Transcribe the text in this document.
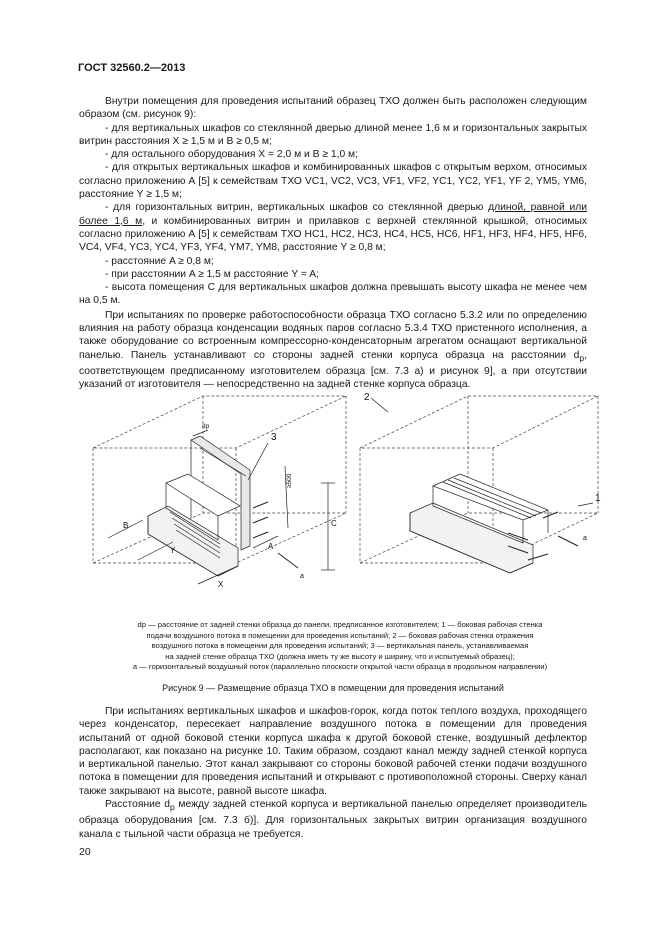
ГОСТ 32560.2—2013

Внутри помещения для проведения испытаний образец ТХО должен быть расположен следующим образом (см. рисунок 9):

- для вертикальных шкафов со стеклянной дверью длиной менее 1,6 м и горизонтальных закрытых витрин расстояния X ≥ 1,5 м и B ≥ 0,5 м;

- для остального оборудования X = 2,0 м и B ≥ 1,0 м;

- для открытых вертикальных шкафов и комбинированных шкафов с открытым верхом, относимых согласно приложению А [5] к семействам ТХО VC1, VC2, VC3, VF1, VF2, YC1, YC2, YF1, YF 2, YM5, YM6, расстояние Y ≥ 1,5 м;

- для горизонтальных витрин, вертикальных шкафов со стеклянной дверью длиной, равной или более 1,6 м, и комбинированных витрин и прилавков с верхней стеклянной крышкой, относимых согласно приложению А [5] к семействам ТХО HC1, HC2, HC3, HC4, HC5, HC6, HF1, HF3, HF4, HF5, HF6, VC4, VF4, YC3, YC4, YF3, YF4, YM7, YM8, расстояние Y ≥ 0,8 м;

- расстояние A ≥ 0,8 м;

- при расстоянии A ≥ 1,5 м расстояние Y = A;

- высота помещения C для вертикальных шкафов должна превышать высоту шкафа не менее чем на 0,5 м.

При испытаниях по проверке работоспособности образца ТХО согласно 5.3.2 или по определению влияния на работу образца конденсации водяных паров согласно 5.3.4 ТХО пристенного исполнения, а также оборудование со встроенным компрессорно-конденсаторным агрегатом оснащают вертикальной панелью. Панель устанавливают со стороны задней стенки корпуса образца на расстоянии $d_р$, соответствующем предписанному изготовителем образца [см. 7.3 а) и рисунок 9], а при отсутствии указаний от изготовителя — непосредственно на задней стенке корпуса образца.

3
dр
≥500
C
B
Y
X
A
a
2
1
a
dр — расстояние от задней стенки образца до панели, предписанное изготовителем; 1 — боковая рабочая стенка
подачи воздушного потока в помещении для проведения испытаний; 2 — боковая рабочая стенка отражения
воздушного потока в помещении для проведения испытаний; 3 — вертикальная панель, устанавливаемая
на задней стенке образца ТХО (должна иметь ту же высоту и ширину, что и испытуемый образец);
a — горизонтальный воздушный поток (параллельно плоскости открытой части образца в продольном направлении)
Рисунок 9 — Размещение образца ТХО в помещении для проведения испытаний

При испытаниях вертикальных шкафов и шкафов-горок, когда поток теплого воздуха, проходящего через конденсатор, пересекает направление воздушного потока в помещении для проведения испытаний от одной боковой стенки корпуса шкафа к другой боковой стенке, воздушный дефлектор располагают, как показано на рисунке 10. Таким образом, создают канал между задней стенкой корпуса и вертикальной панелью. Этот канал закрывают со стороны боковой рабочей стенки подачи воздушного потока в помещении для проведения испытаний и открывают с противоположной стороны. Сверху канал также закрывают на высоте, равной высоте шкафа.

Расстояние $d_р$ между задней стенкой корпуса и вертикальной панелью определяет производитель образца оборудования [см. 7.3 б)]. Для горизонтальных закрытых витрин организация воздушного канала с тыльной части образца не требуется.

20
